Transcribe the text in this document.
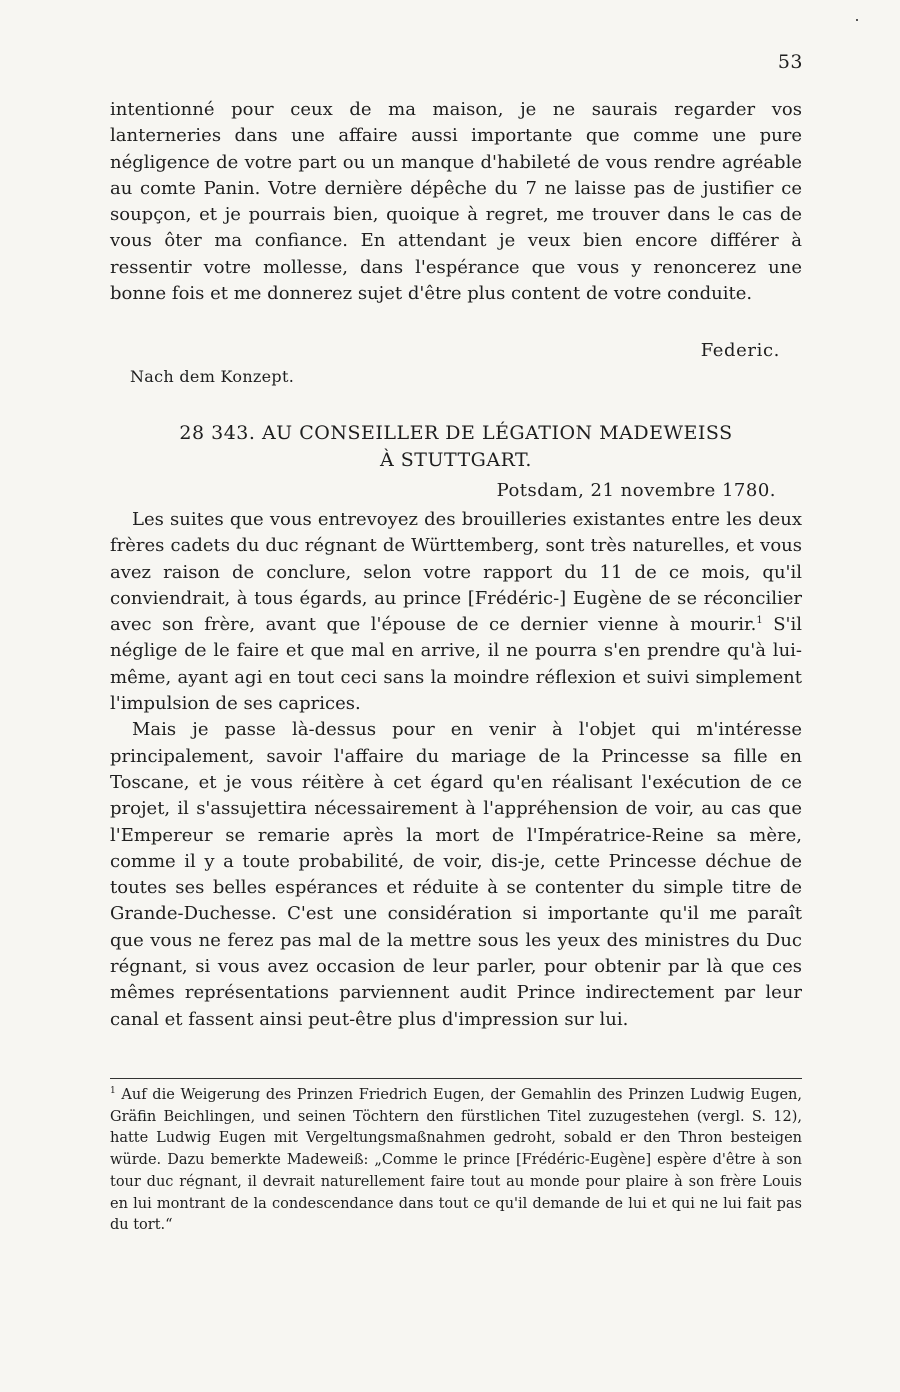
53

intentionné pour ceux de ma maison, je ne saurais regarder vos lanterneries dans une affaire aussi importante que comme une pure négligence de votre part ou un manque d'habileté de vous rendre agréable au comte Panin. Votre dernière dépêche du 7 ne laisse pas de justifier ce soupçon, et je pourrais bien, quoique à regret, me trouver dans le cas de vous ôter ma confiance. En attendant je veux bien encore différer à ressentir votre mollesse, dans l'espérance que vous y renoncerez une bonne fois et me donnerez sujet d'être plus content de votre conduite.

Federic.
Nach dem Konzept.
28 343. AU CONSEILLER DE LÉGATION MADEWEISS
À STUTTGART.
Potsdam, 21 novembre 1780.

Les suites que vous entrevoyez des brouilleries existantes entre les deux frères cadets du duc régnant de Württemberg, sont très naturelles, et vous avez raison de conclure, selon votre rapport du 11 de ce mois, qu'il conviendrait, à tous égards, au prince [Frédéric-] Eugène de se réconcilier avec son frère, avant que l'épouse de ce dernier vienne à mourir.$^1$ S'il néglige de le faire et que mal en arrive, il ne pourra s'en prendre qu'à lui-même, ayant agi en tout ceci sans la moindre réflexion et suivi simplement l'impulsion de ses caprices.

Mais je passe là-dessus pour en venir à l'objet qui m'intéresse principalement, savoir l'affaire du mariage de la Princesse sa fille en Toscane, et je vous réitère à cet égard qu'en réalisant l'exécution de ce projet, il s'assujettira nécessairement à l'appréhension de voir, au cas que l'Empereur se remarie après la mort de l'Impératrice-Reine sa mère, comme il y a toute probabilité, de voir, dis-je, cette Princesse déchue de toutes ses belles espérances et réduite à se contenter du simple titre de Grande-Duchesse. C'est une considération si importante qu'il me paraît que vous ne ferez pas mal de la mettre sous les yeux des ministres du Duc régnant, si vous avez occasion de leur parler, pour obtenir par là que ces mêmes représentations parviennent audit Prince indirectement par leur canal et fassent ainsi peut-être plus d'impression sur lui.

$^1$ Auf die Weigerung des Prinzen Friedrich Eugen, der Gemahlin des Prinzen Ludwig Eugen, Gräfin Beichlingen, und seinen Töchtern den fürstlichen Titel zuzugestehen (vergl. S. 12), hatte Ludwig Eugen mit Vergeltungsmaßnahmen gedroht, sobald er den Thron besteigen würde. Dazu bemerkte Madeweiß: „Comme le prince [Frédéric-Eugène] espère d'être à son tour duc régnant, il devrait naturellement faire tout au monde pour plaire à son frère Louis en lui montrant de la condescendance dans tout ce qu'il demande de lui et qui ne lui fait pas du tort.“
